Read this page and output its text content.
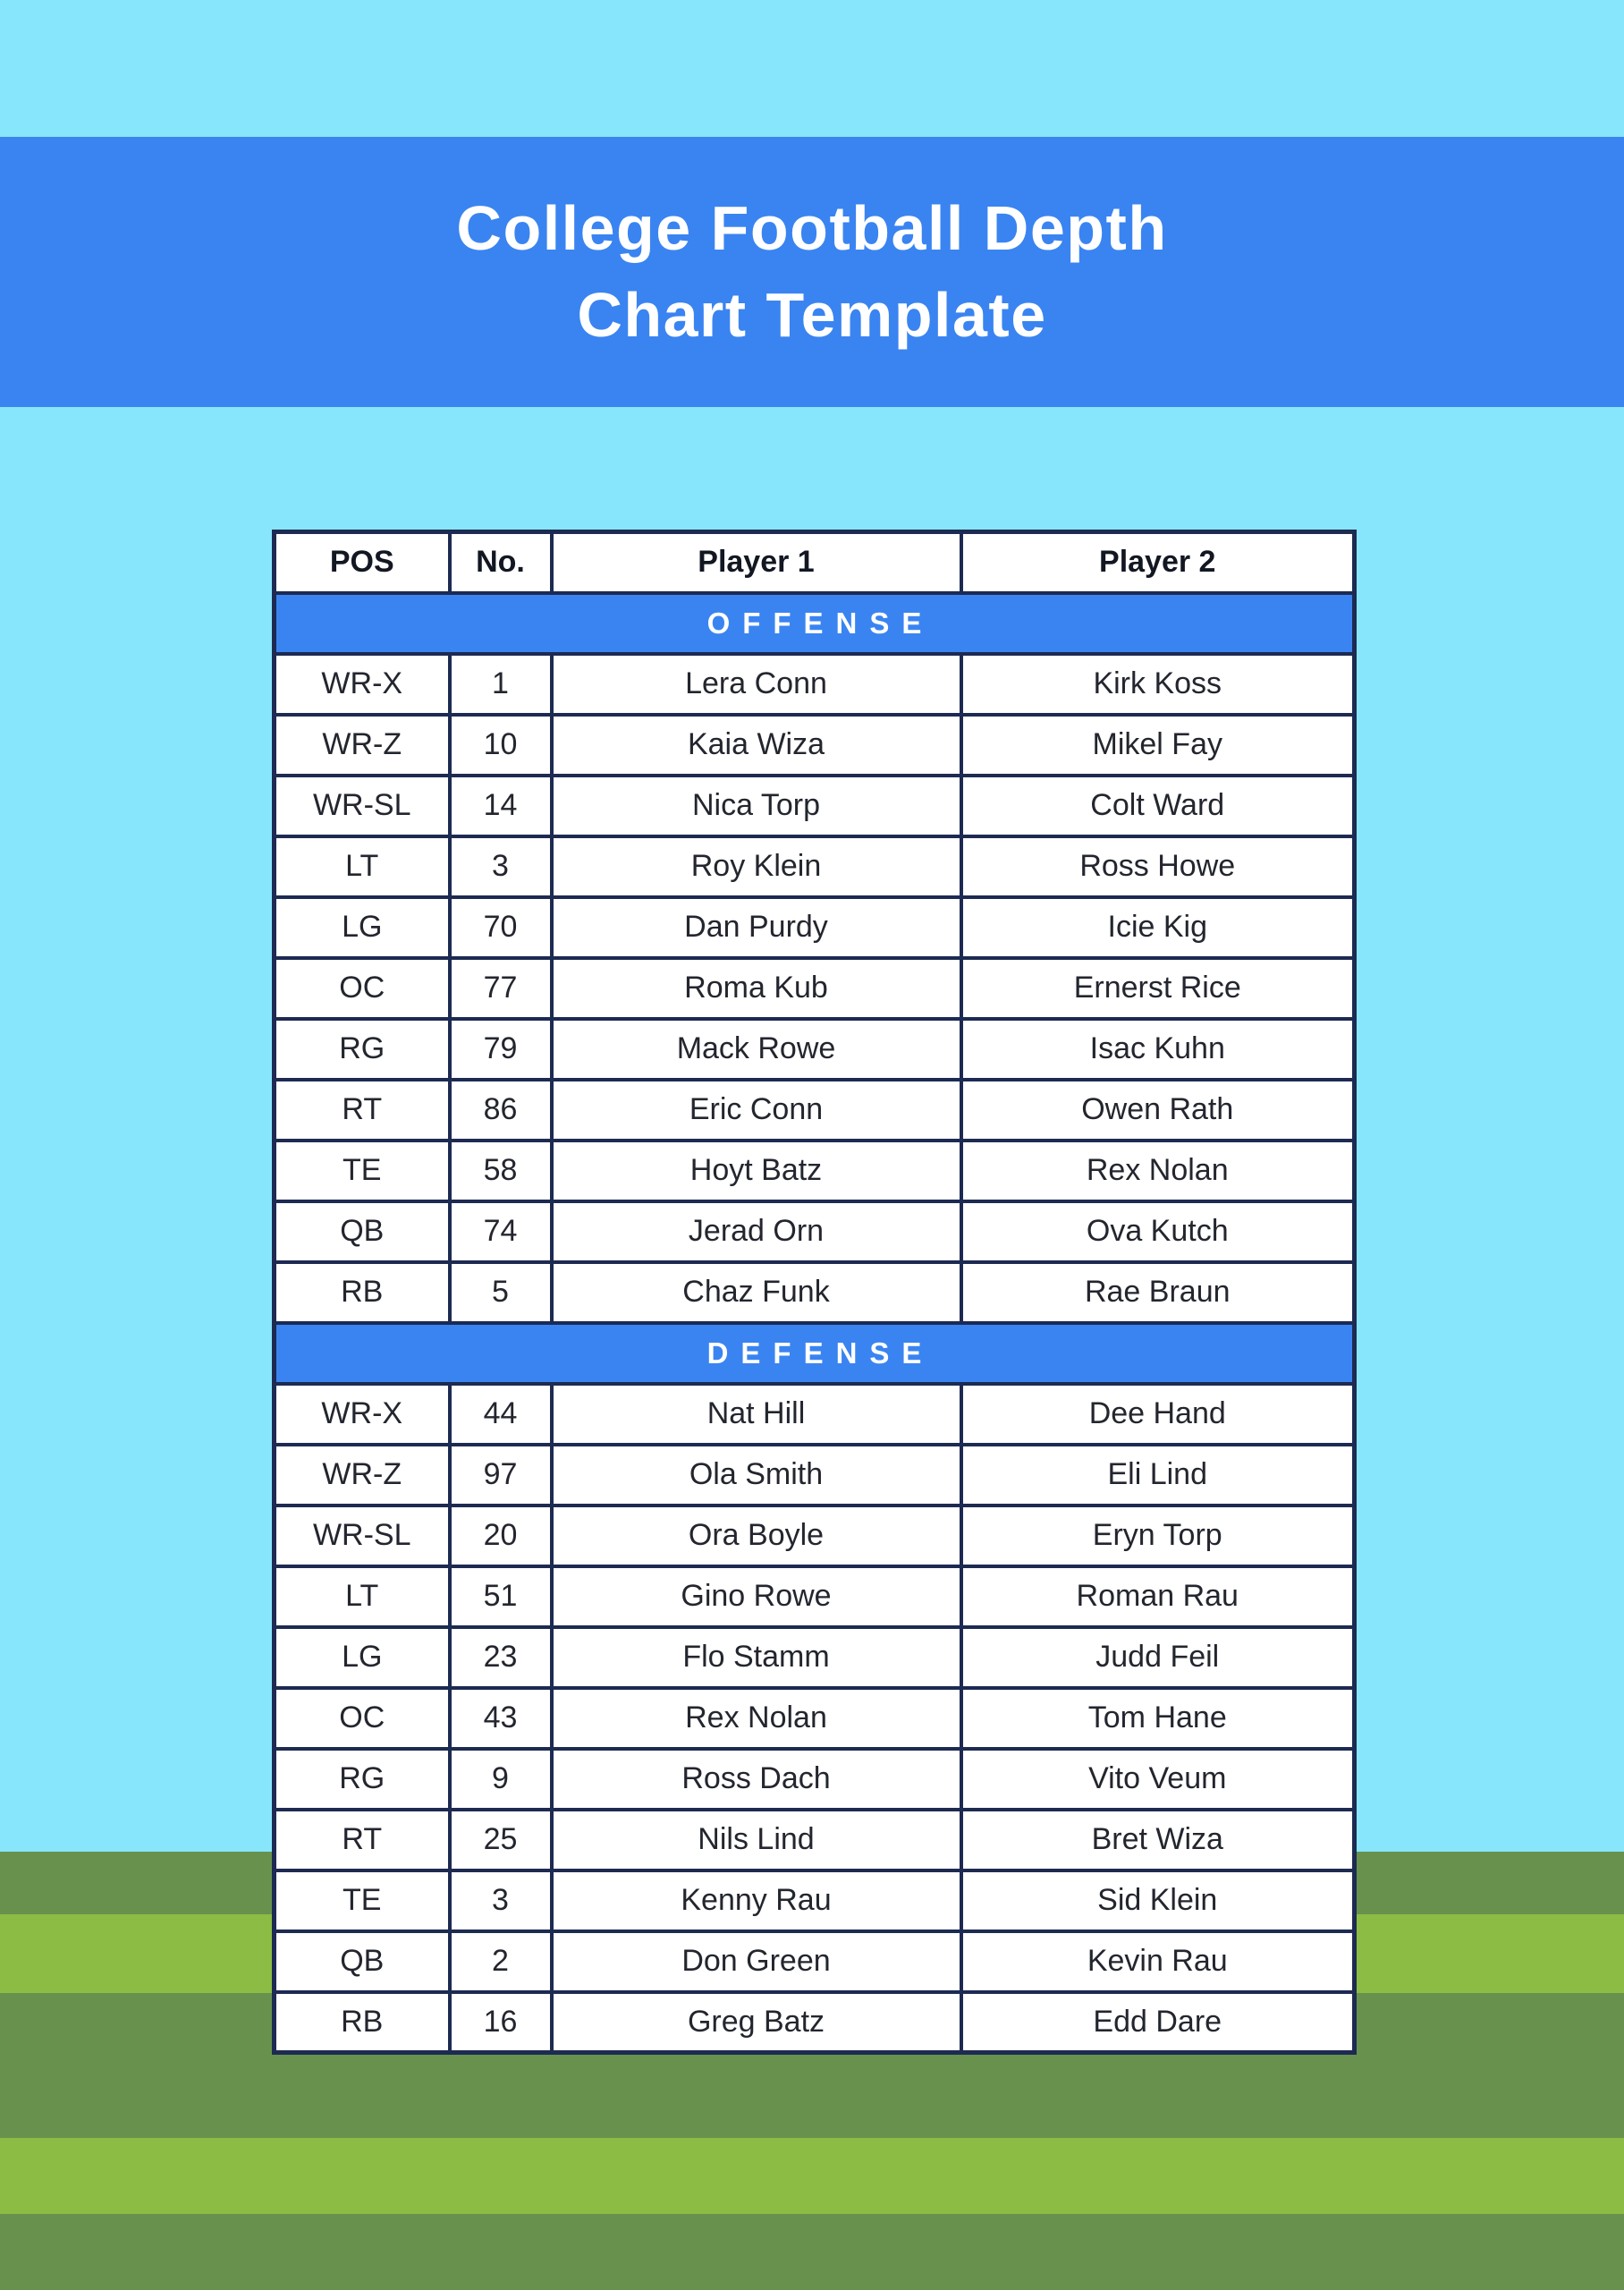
College Football Depth
Chart Template
POS	No.	Player 1	Player 2
OFFENSE			
WR-X	1	Lera Conn	Kirk Koss
WR-Z	10	Kaia Wiza	Mikel Fay
WR-SL	14	Nica Torp	Colt Ward
LT	3	Roy Klein	Ross Howe
LG	70	Dan Purdy	Icie Kig
OC	77	Roma Kub	Ernerst Rice
RG	79	Mack Rowe	Isac Kuhn
RT	86	Eric Conn	Owen Rath
TE	58	Hoyt Batz	Rex Nolan
QB	74	Jerad Orn	Ova Kutch
RB	5	Chaz Funk	Rae Braun
DEFENSE			
WR-X	44	Nat Hill	Dee Hand
WR-Z	97	Ola Smith	Eli Lind
WR-SL	20	Ora Boyle	Eryn Torp
LT	51	Gino Rowe	Roman Rau
LG	23	Flo Stamm	Judd Feil
OC	43	Rex Nolan	Tom Hane
RG	9	Ross Dach	Vito Veum
RT	25	Nils Lind	Bret Wiza
TE	3	Kenny Rau	Sid Klein
QB	2	Don Green	Kevin Rau
RB	16	Greg Batz	Edd Dare
